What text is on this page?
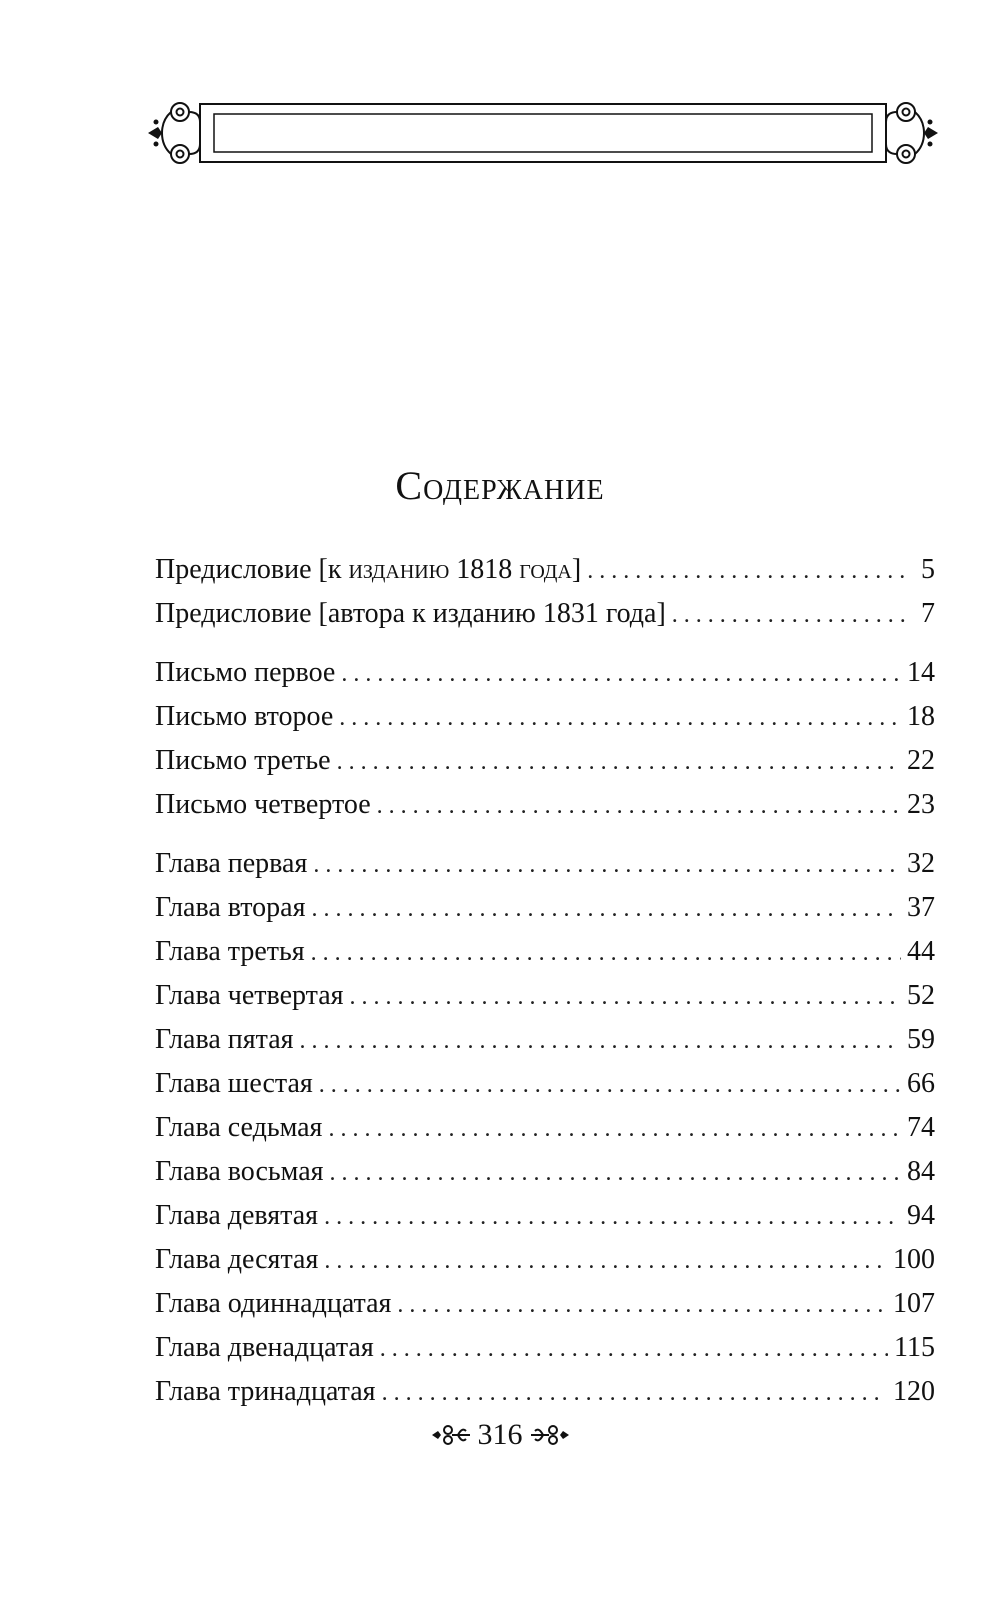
Содержание
Предисловие [к изданию 1818 года] . . .	5
Предисловие [автора к изданию 1831 года] . . .	7
Письмо первое . . .	14
Письмо второе . . .	18
Письмо третье . . .	22
Письмо четвертое . . .	23
Глава первая . . .	32
Глава вторая . . .	37
Глава третья . . .	44
Глава четвертая . . .	52
Глава пятая . . .	59
Глава шестая . . .	66
Глава седьмая . . .	74
Глава восьмая . . .	84
Глава девятая . . .	94
Глава десятая . . .	100
Глава одиннадцатая . . .	107
Глава двенадцатая . . .	115
Глава тринадцатая . . .	120
316
